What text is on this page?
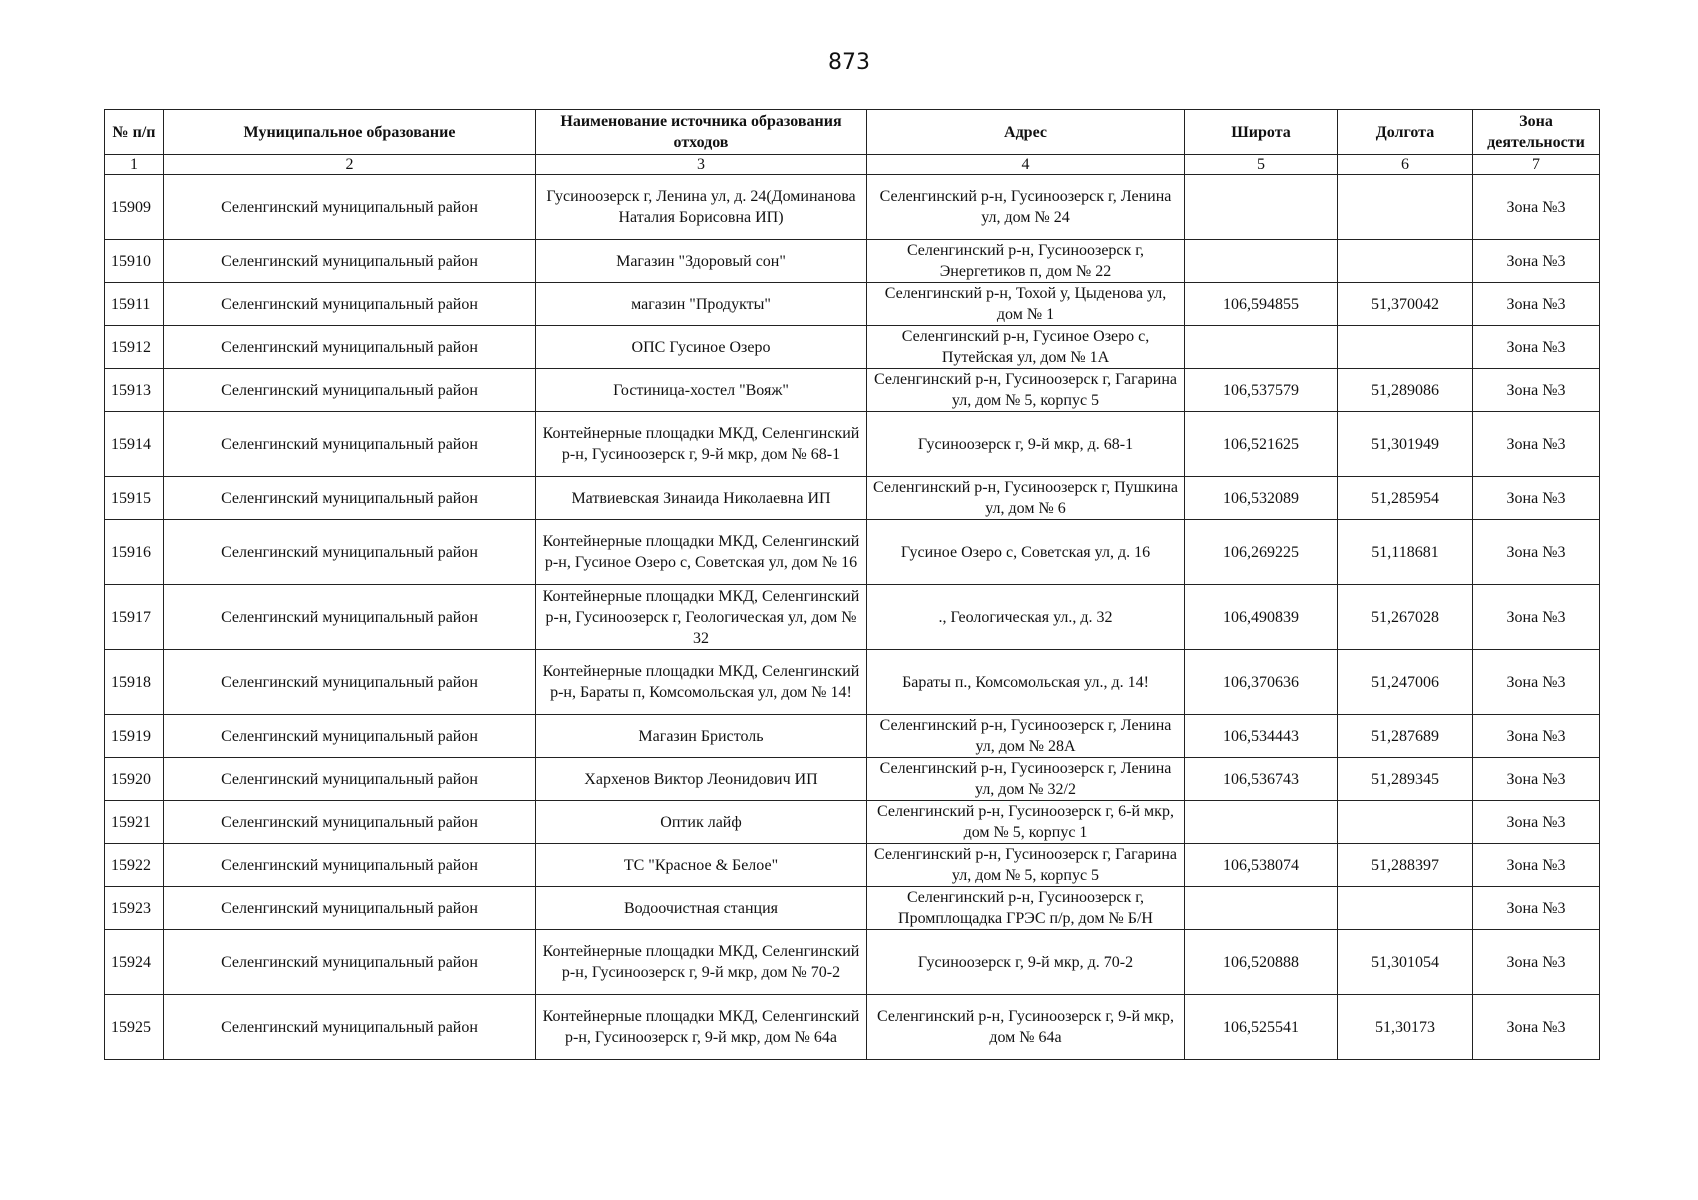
873
№ п/п	Муниципальное образование	Наименование источника образования отходов	Адрес	Широта	Долгота	Зона деятельности
1	2	3	4	5	6	7
15909	Селенгинский муниципальный район	Гусиноозерск г, Ленина ул, д. 24(Доминанова Наталия Борисовна ИП)	Селенгинский р-н, Гусиноозерск г, Ленина ул, дом № 24			Зона №3
15910	Селенгинский муниципальный район	Магазин "Здоровый сон"	Селенгинский р-н, Гусиноозерск г, Энергетиков п, дом № 22			Зона №3
15911	Селенгинский муниципальный район	магазин "Продукты"	Селенгинский р-н, Тохой у, Цыденова ул, дом № 1	106,594855	51,370042	Зона №3
15912	Селенгинский муниципальный район	ОПС Гусиное Озеро	Селенгинский р-н, Гусиное Озеро с, Путейская ул, дом № 1А			Зона №3
15913	Селенгинский муниципальный район	Гостиница-хостел "Вояж"	Селенгинский р-н, Гусиноозерск г, Гагарина ул, дом № 5, корпус 5	106,537579	51,289086	Зона №3
15914	Селенгинский муниципальный район	Контейнерные площадки МКД, Селенгинский р-н, Гусиноозерск г, 9-й мкр, дом № 68-1	Гусиноозерск г, 9-й мкр, д. 68-1	106,521625	51,301949	Зона №3
15915	Селенгинский муниципальный район	Матвиевская Зинаида Николаевна ИП	Селенгинский р-н, Гусиноозерск г, Пушкина ул, дом № 6	106,532089	51,285954	Зона №3
15916	Селенгинский муниципальный район	Контейнерные площадки МКД, Селенгинский р-н, Гусиное Озеро с, Советская ул, дом № 16	Гусиное Озеро с, Советская ул, д. 16	106,269225	51,118681	Зона №3
15917	Селенгинский муниципальный район	Контейнерные площадки МКД, Селенгинский р-н, Гусиноозерск г, Геологическая ул, дом № 32	., Геологическая ул., д. 32	106,490839	51,267028	Зона №3
15918	Селенгинский муниципальный район	Контейнерные площадки МКД, Селенгинский р-н, Бараты п, Комсомольская ул, дом № 14!	Бараты п., Комсомольская ул., д. 14!	106,370636	51,247006	Зона №3
15919	Селенгинский муниципальный район	Магазин Бристоль	Селенгинский р-н, Гусиноозерск г, Ленина ул, дом № 28А	106,534443	51,287689	Зона №3
15920	Селенгинский муниципальный район	Хархенов Виктор Леонидович ИП	Селенгинский р-н, Гусиноозерск г, Ленина ул, дом № 32/2	106,536743	51,289345	Зона №3
15921	Селенгинский муниципальный район	Оптик лайф	Селенгинский р-н, Гусиноозерск г, 6-й мкр, дом № 5, корпус 1			Зона №3
15922	Селенгинский муниципальный район	ТС "Красное & Белое"	Селенгинский р-н, Гусиноозерск г, Гагарина ул, дом № 5, корпус 5	106,538074	51,288397	Зона №3
15923	Селенгинский муниципальный район	Водоочистная станция	Селенгинский р-н, Гусиноозерск г, Промплощадка ГРЭС п/р, дом № Б/Н			Зона №3
15924	Селенгинский муниципальный район	Контейнерные площадки МКД, Селенгинский р-н, Гусиноозерск г, 9-й мкр, дом № 70-2	Гусиноозерск г, 9-й мкр, д. 70-2	106,520888	51,301054	Зона №3
15925	Селенгинский муниципальный район	Контейнерные площадки МКД, Селенгинский р-н, Гусиноозерск г, 9-й мкр, дом № 64а	Селенгинский р-н, Гусиноозерск г, 9-й мкр, дом № 64а	106,525541	51,30173	Зона №3
